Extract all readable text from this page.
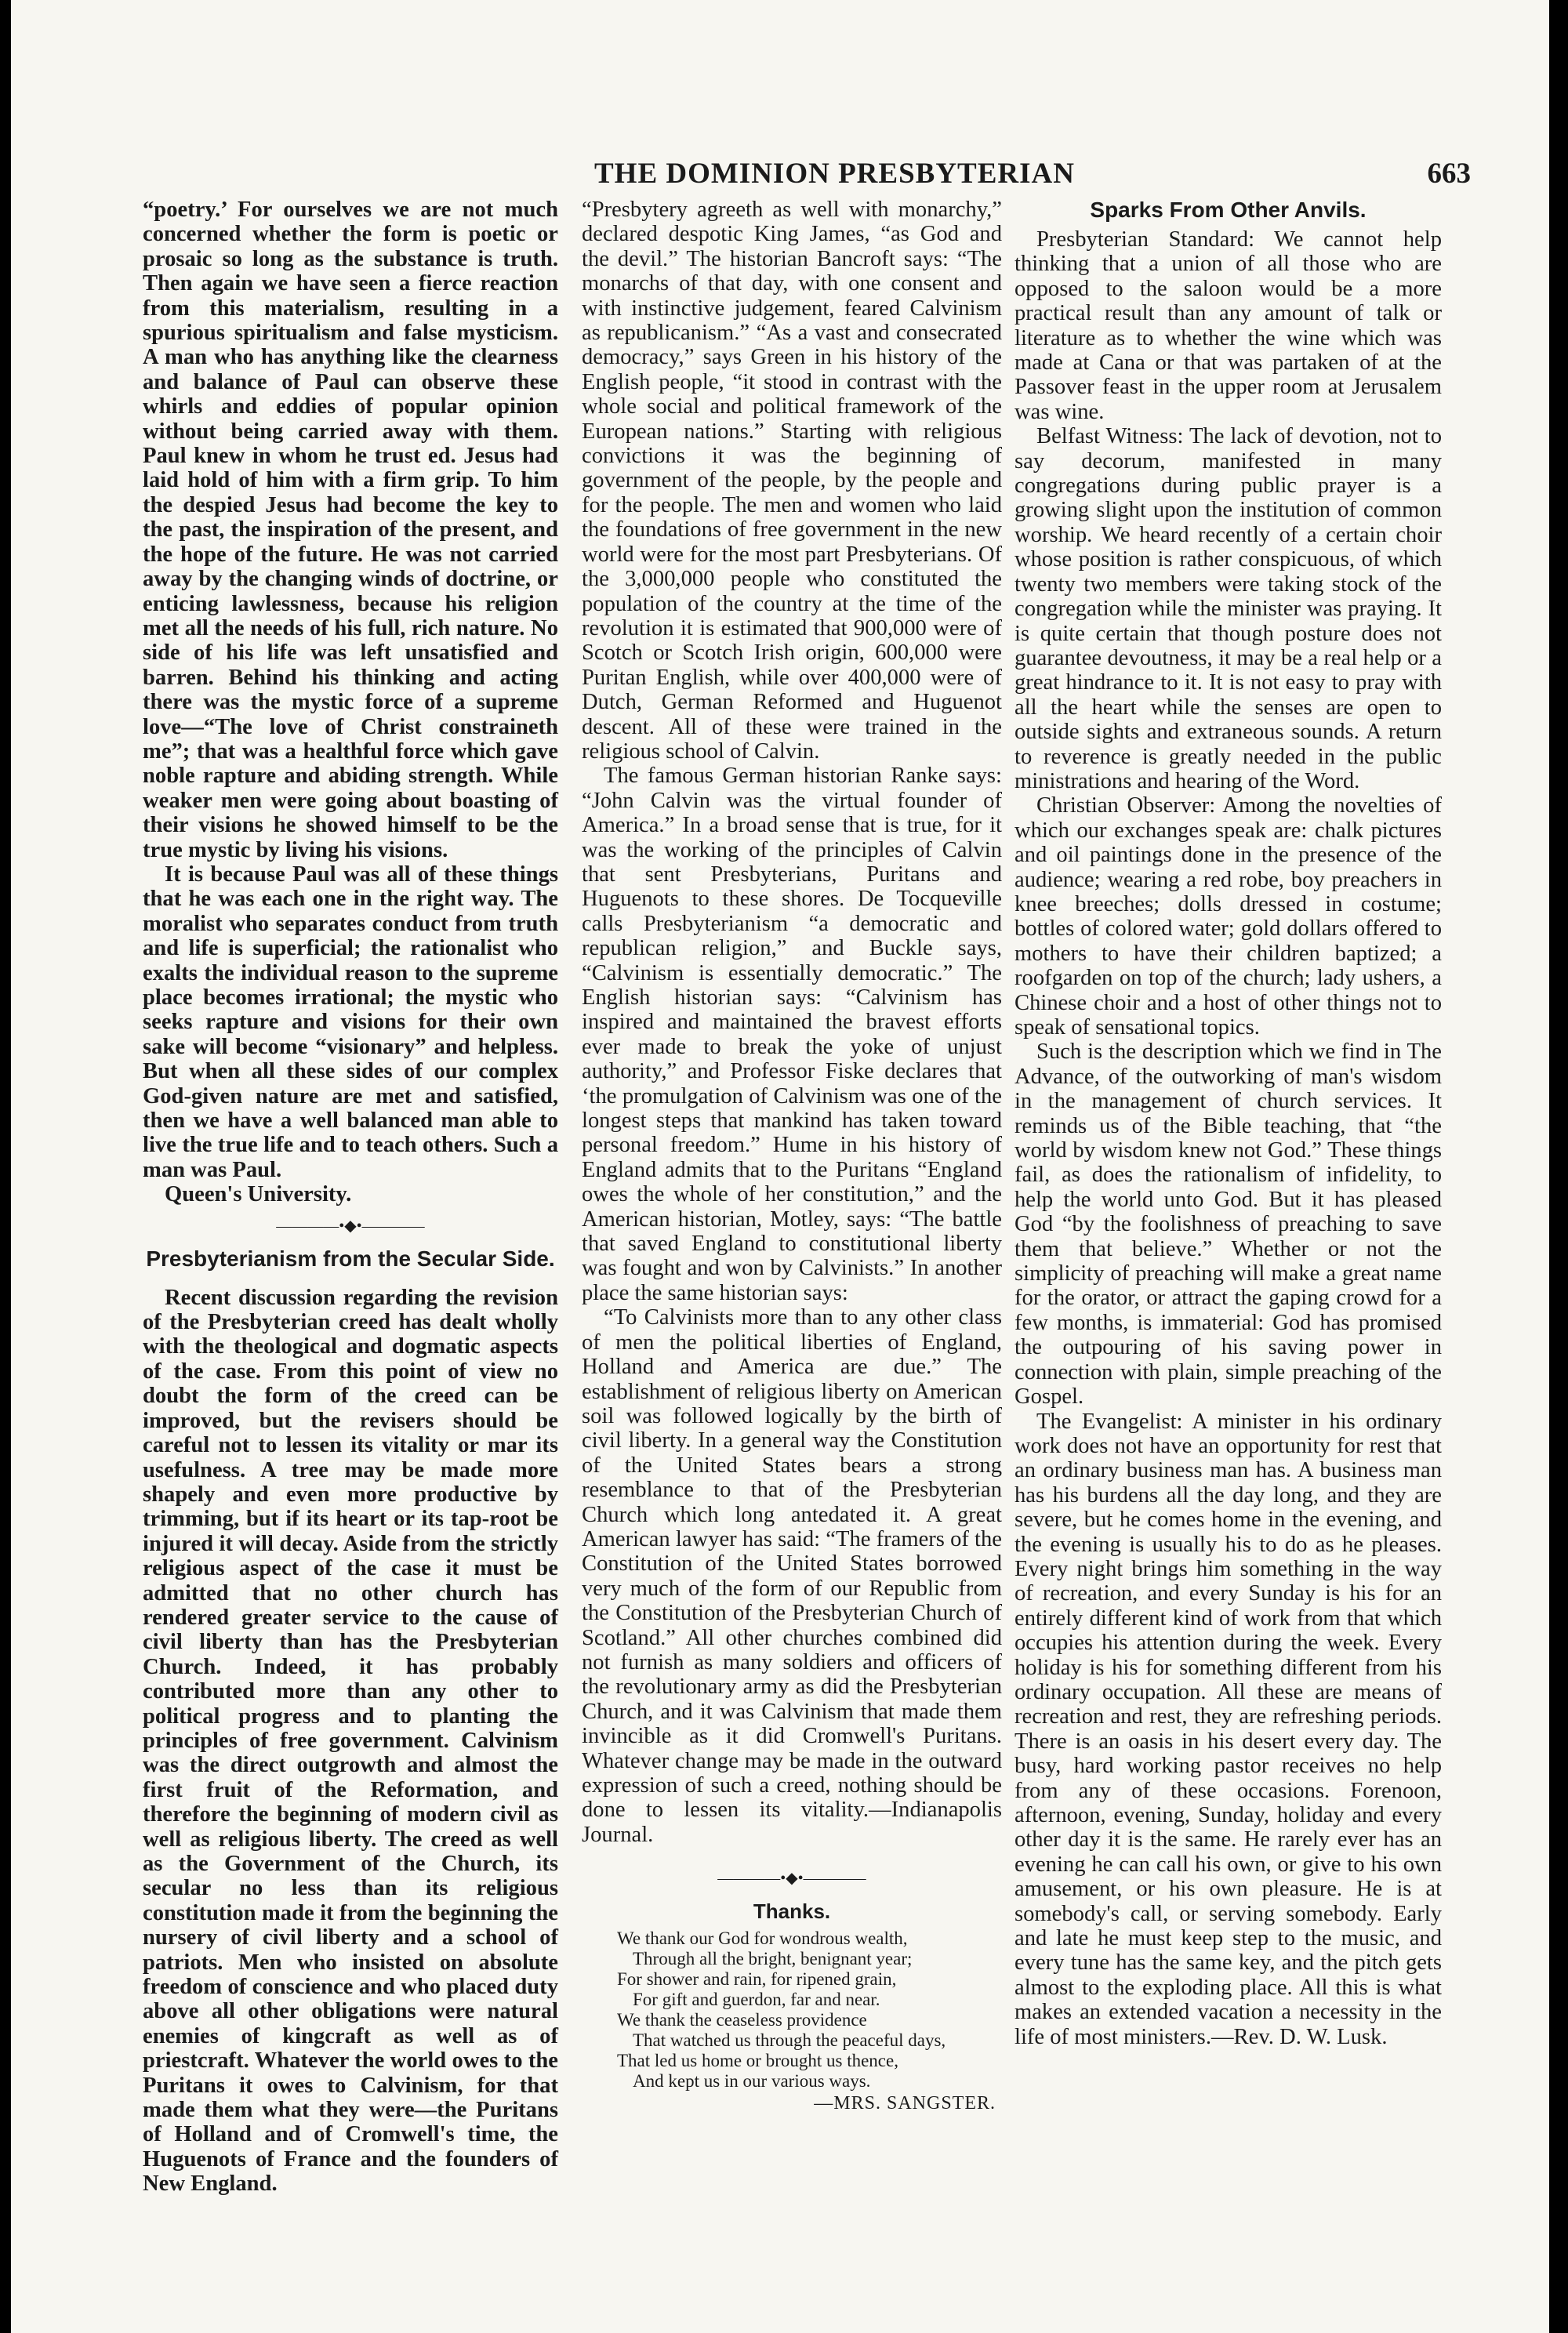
THE DOMINION PRESBYTERIAN	663

“poetry.’ For ourselves we are not much concerned whether the form is poetic or prosaic so long as the substance is truth. Then again we have seen a fierce reaction from this materialism, resulting in a spurious spiritualism and false mysticism. A man who has anything like the clearness and balance of Paul can observe these whirls and eddies of popular opinion without being carried away with them. Paul knew in whom he trust ed. Jesus had laid hold of him with a firm grip. To him the despied Jesus had become the key to the past, the inspiration of the present, and the hope of the future. He was not carried away by the changing winds of doctrine, or enticing lawlessness, because his religion met all the needs of his full, rich nature. No side of his life was left unsatisfied and barren. Behind his thinking and acting there was the mystic force of a supreme love—“The love of Christ constraineth me”; that was a healthful force which gave noble rapture and abiding strength. While weaker men were going about boasting of their visions he showed himself to be the true mystic by living his visions.

It is because Paul was all of these things that he was each one in the right way. The moralist who separates conduct from truth and life is superficial; the rationalist who exalts the individual reason to the supreme place becomes irrational; the mystic who seeks rapture and visions for their own sake will become “visionary” and helpless. But when all these sides of our complex God-given nature are met and satisfied, then we have a well balanced man able to live the true life and to teach others. Such a man was Paul.

Queen's University.

————•◆•————
Presbyterianism from the Secular Side.

Recent discussion regarding the revision of the Presbyterian creed has dealt wholly with the theological and dogmatic aspects of the case. From this point of view no doubt the form of the creed can be improved, but the revisers should be careful not to lessen its vitality or mar its usefulness. A tree may be made more shapely and even more productive by trimming, but if its heart or its tap-root be injured it will decay. Aside from the strictly religious aspect of the case it must be admitted that no other church has rendered greater service to the cause of civil liberty than has the Presbyterian Church. Indeed, it has probably contributed more than any other to political progress and to planting the principles of free government. Calvinism was the direct outgrowth and almost the first fruit of the Reformation, and therefore the beginning of modern civil as well as religious liberty. The creed as well as the Government of the Church, its secular no less than its religious constitution made it from the beginning the nursery of civil liberty and a school of patriots. Men who insisted on absolute freedom of conscience and who placed duty above all other obligations were natural enemies of kingcraft as well as of priestcraft. Whatever the world owes to the Puritans it owes to Calvinism, for that made them what they were—the Puritans of Holland and of Cromwell's time, the Huguenots of France and the founders of New England.

“Presbytery agreeth as well with monarchy,” declared despotic King James, “as God and the devil.” The historian Bancroft says: “The monarchs of that day, with one consent and with instinctive judgement, feared Calvinism as republicanism.” “As a vast and consecrated democracy,” says Green in his history of the English people, “it stood in contrast with the whole social and political framework of the European nations.” Starting with religious convictions it was the beginning of government of the people, by the people and for the people. The men and women who laid the foundations of free government in the new world were for the most part Presbyterians. Of the 3,000,000 people who constituted the population of the country at the time of the revolution it is estimated that 900,000 were of Scotch or Scotch Irish origin, 600,000 were Puritan English, while over 400,000 were of Dutch, German Reformed and Huguenot descent. All of these were trained in the religious school of Calvin.

The famous German historian Ranke says: “John Calvin was the virtual founder of America.” In a broad sense that is true, for it was the working of the principles of Calvin that sent Presbyterians, Puritans and Huguenots to these shores. De Tocqueville calls Presbyterianism “a democratic and republican religion,” and Buckle says, “Calvinism is essentially democratic.” The English historian says: “Calvinism has inspired and maintained the bravest efforts ever made to break the yoke of unjust authority,” and Professor Fiske declares that ‘the promulgation of Calvinism was one of the longest steps that mankind has taken toward personal freedom.” Hume in his history of England admits that to the Puritans “England owes the whole of her constitution,” and the American historian, Motley, says: “The battle that saved England to constitutional liberty was fought and won by Calvinists.” In another place the same historian says:

“To Calvinists more than to any other class of men the political liberties of England, Holland and America are due.” The establishment of religious liberty on American soil was followed logically by the birth of civil liberty. In a general way the Constitution of the United States bears a strong resemblance to that of the Presbyterian Church which long antedated it. A great American lawyer has said: “The framers of the Constitution of the United States borrowed very much of the form of our Republic from the Constitution of the Presbyterian Church of Scotland.” All other churches combined did not furnish as many soldiers and officers of the revolutionary army as did the Presbyterian Church, and it was Calvinism that made them invincible as it did Cromwell's Puritans. Whatever change may be made in the outward expression of such a creed, nothing should be done to lessen its vitality.—Indianapolis Journal.

————•◆•————
Thanks.
We thank our God for wondrous wealth,
Through all the bright, benignant year;
For shower and rain, for ripened grain,
For gift and guerdon, far and near.
We thank the ceaseless providence
That watched us through the peaceful days,
That led us home or brought us thence,
And kept us in our various ways.
—MRS. SANGSTER.
Sparks From Other Anvils.

Presbyterian Standard: We cannot help thinking that a union of all those who are opposed to the saloon would be a more practical result than any amount of talk or literature as to whether the wine which was made at Cana or that was partaken of at the Passover feast in the upper room at Jerusalem was wine.

Belfast Witness: The lack of devotion, not to say decorum, manifested in many congregations during public prayer is a growing slight upon the institution of common worship. We heard recently of a certain choir whose position is rather conspicuous, of which twenty two members were taking stock of the congregation while the minister was praying. It is quite certain that though posture does not guarantee devoutness, it may be a real help or a great hindrance to it. It is not easy to pray with all the heart while the senses are open to outside sights and extraneous sounds. A return to reverence is greatly needed in the public ministrations and hearing of the Word.

Christian Observer: Among the novelties of which our exchanges speak are: chalk pictures and oil paintings done in the presence of the audience; wearing a red robe, boy preachers in knee breeches; dolls dressed in costume; bottles of colored water; gold dollars offered to mothers to have their children baptized; a roofgarden on top of the church; lady ushers, a Chinese choir and a host of other things not to speak of sensational topics.

Such is the description which we find in The Advance, of the outworking of man's wisdom in the management of church services. It reminds us of the Bible teaching, that “the world by wisdom knew not God.” These things fail, as does the rationalism of infidelity, to help the world unto God. But it has pleased God “by the foolishness of preaching to save them that believe.” Whether or not the simplicity of preaching will make a great name for the orator, or attract the gaping crowd for a few months, is immaterial: God has promised the outpouring of his saving power in connection with plain, simple preaching of the Gospel.

The Evangelist: A minister in his ordinary work does not have an opportunity for rest that an ordinary business man has. A business man has his burdens all the day long, and they are severe, but he comes home in the evening, and the evening is usually his to do as he pleases. Every night brings him something in the way of recreation, and every Sunday is his for an entirely different kind of work from that which occupies his attention during the week. Every holiday is his for something different from his ordinary occupation. All these are means of recreation and rest, they are refreshing periods. There is an oasis in his desert every day. The busy, hard working pastor receives no help from any of these occasions. Forenoon, afternoon, evening, Sunday, holiday and every other day it is the same. He rarely ever has an evening he can call his own, or give to his own amusement, or his own pleasure. He is at somebody's call, or serving somebody. Early and late he must keep step to the music, and every tune has the same key, and the pitch gets almost to the exploding place. All this is what makes an extended vacation a necessity in the life of most ministers.—Rev. D. W. Lusk.
